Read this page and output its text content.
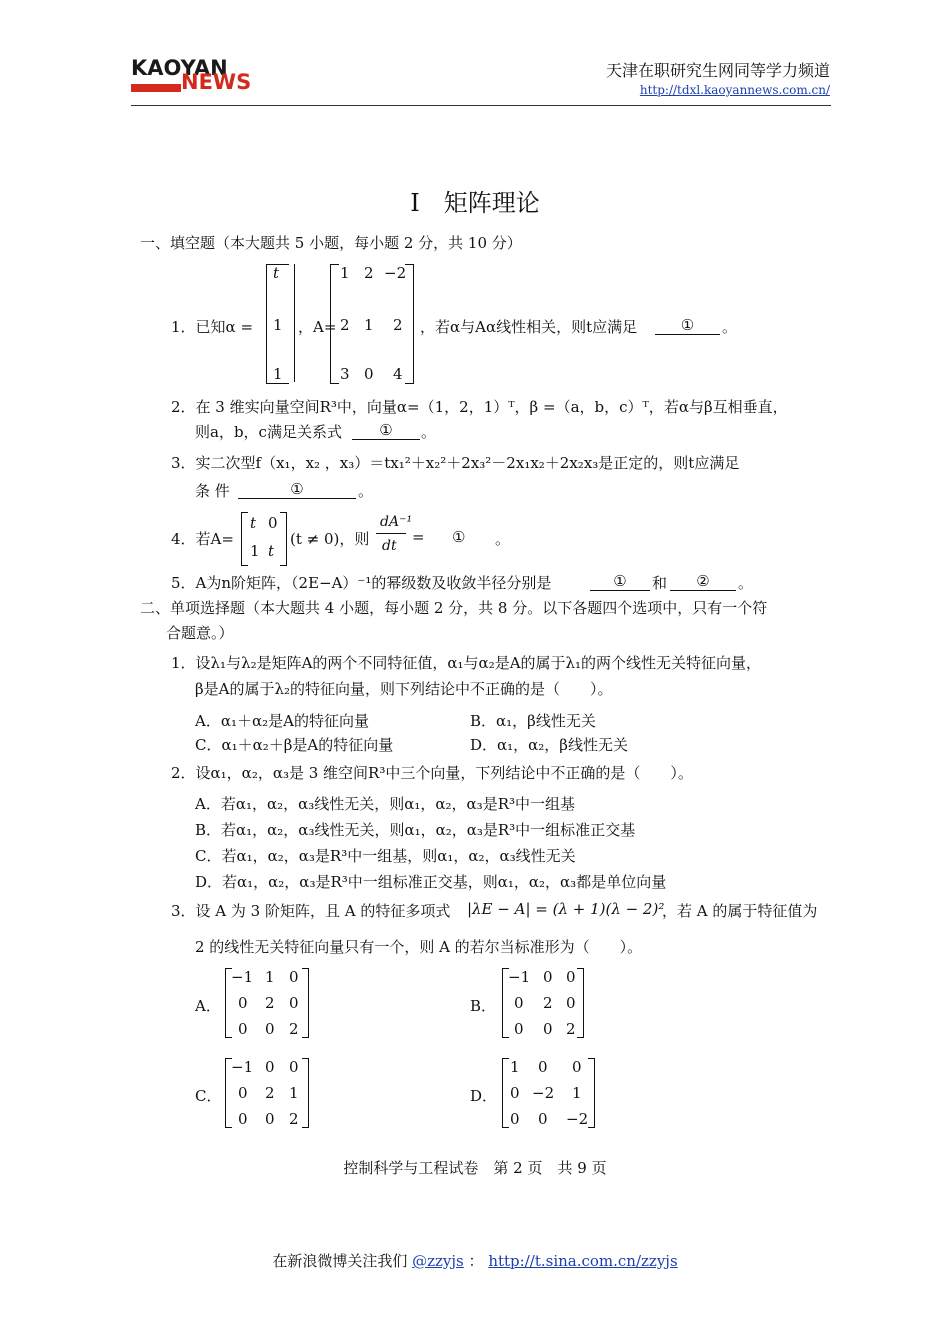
KAOYAN
NEWS	天津在职研究生网同等学力频道
http://tdxl.kaoyannews.com.cn/
I　矩阵理论
一、填空题（本大题共 5 小题，每小题 2 分，共 10 分）
1．已知α =
t
1
1
，A=
1 2 −2
2 1 2
3 0 4
，若α与Aα线性相关，则t应满足	①	。
2．在 3 维实向量空间R³中，向量α=（1，2，1）ᵀ，β =（a，b，c）ᵀ，若α与β互相垂直，
则a，b，c满足关系式	①	。
3．实二次型f（x₁，x₂ ，x₃）＝tx₁²＋x₂²＋2x₃²－2x₁x₂＋2x₂x₃是正定的，则t应满足
条 件	①	。
4．若A=
t 0
1 t
(t ≠ 0)，则
dA⁻¹
dt = ① 。
5．A为n阶矩阵，（2E−A）⁻¹的幂级数及收敛半径分别是	①	和	②	。
二、单项选择题（本大题共 4 小题，每小题 2 分，共 8 分。以下各题四个选项中，只有一个符
合题意。）
1．设λ₁与λ₂是矩阵A的两个不同特征值，α₁与α₂是A的属于λ₁的两个线性无关特征向量，
β是A的属于λ₂的特征向量，则下列结论中不正确的是（　　）。
A．α₁＋α₂是A的特征向量	B．α₁，β线性无关
C．α₁＋α₂＋β是A的特征向量	D．α₁，α₂，β线性无关
2．设α₁，α₂，α₃是 3 维空间R³中三个向量，下列结论中不正确的是（　　）。
A．若α₁，α₂，α₃线性无关，则α₁，α₂，α₃是R³中一组基
B．若α₁，α₂，α₃线性无关，则α₁，α₂，α₃是R³中一组标准正交基
C．若α₁，α₂，α₃是R³中一组基，则α₁，α₂，α₃线性无关
D．若α₁，α₂，α₃是R³中一组标准正交基，则α₁，α₂，α₃都是单位向量
3．设 A 为 3 阶矩阵，且 A 的特征多项式 |λE − A| = (λ + 1)(λ − 2)²
，若 A 的属于特征值为
2 的线性无关特征向量只有一个，则 A 的若尔当标准形为（　　）。
A．
−1 1 0
0 2 0
0 0 2
B．
−1 0 0
0 2 0
0 0 2
C．
−1 0 0
0 2 1
0 0 2
D．
1 0 0
0 −2 1
0 0 −2
控制科学与工程试卷　第 2 页　共 9 页
在新浪微博关注我们 @zzyjs ： http://t.sina.com.cn/zzyjs
